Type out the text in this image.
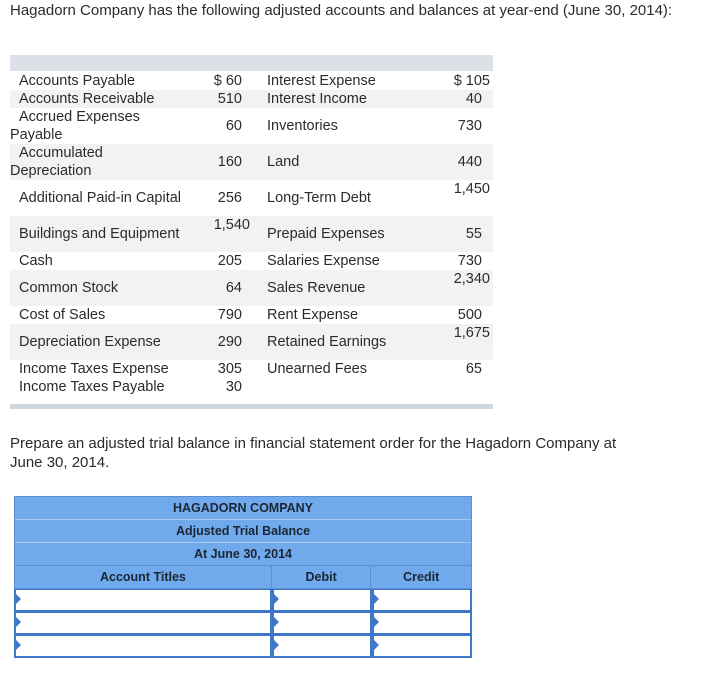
Hagadorn Company has the following adjusted accounts and balances at year-end (June 30, 2014):
Accounts Payable
Accounts Receivable
Accrued Expenses Payable
Accumulated Depreciation
Additional Paid-in Capital
Buildings and Equipment
Cash
Common Stock
Cost of Sales
Depreciation Expense
Income Taxes Expense
Income Taxes Payable
$ 60
510
60
160
256
1,540
205
64
790
290
305
30
Interest Expense
Interest Income
Inventories
Land
Long-Term Debt
Prepaid Expenses
Salaries Expense
Sales Revenue
Rent Expense
Retained Earnings
Unearned Fees
$ 105
40
730
440
1,450
55
730
2,340
500
1,675
65
Prepare an adjusted trial balance in financial statement order for the Hagadorn Company at June 30, 2014.
HAGADORN COMPANY
Adjusted Trial Balance
At June 30, 2014
Account Titles	Debit	Credit
